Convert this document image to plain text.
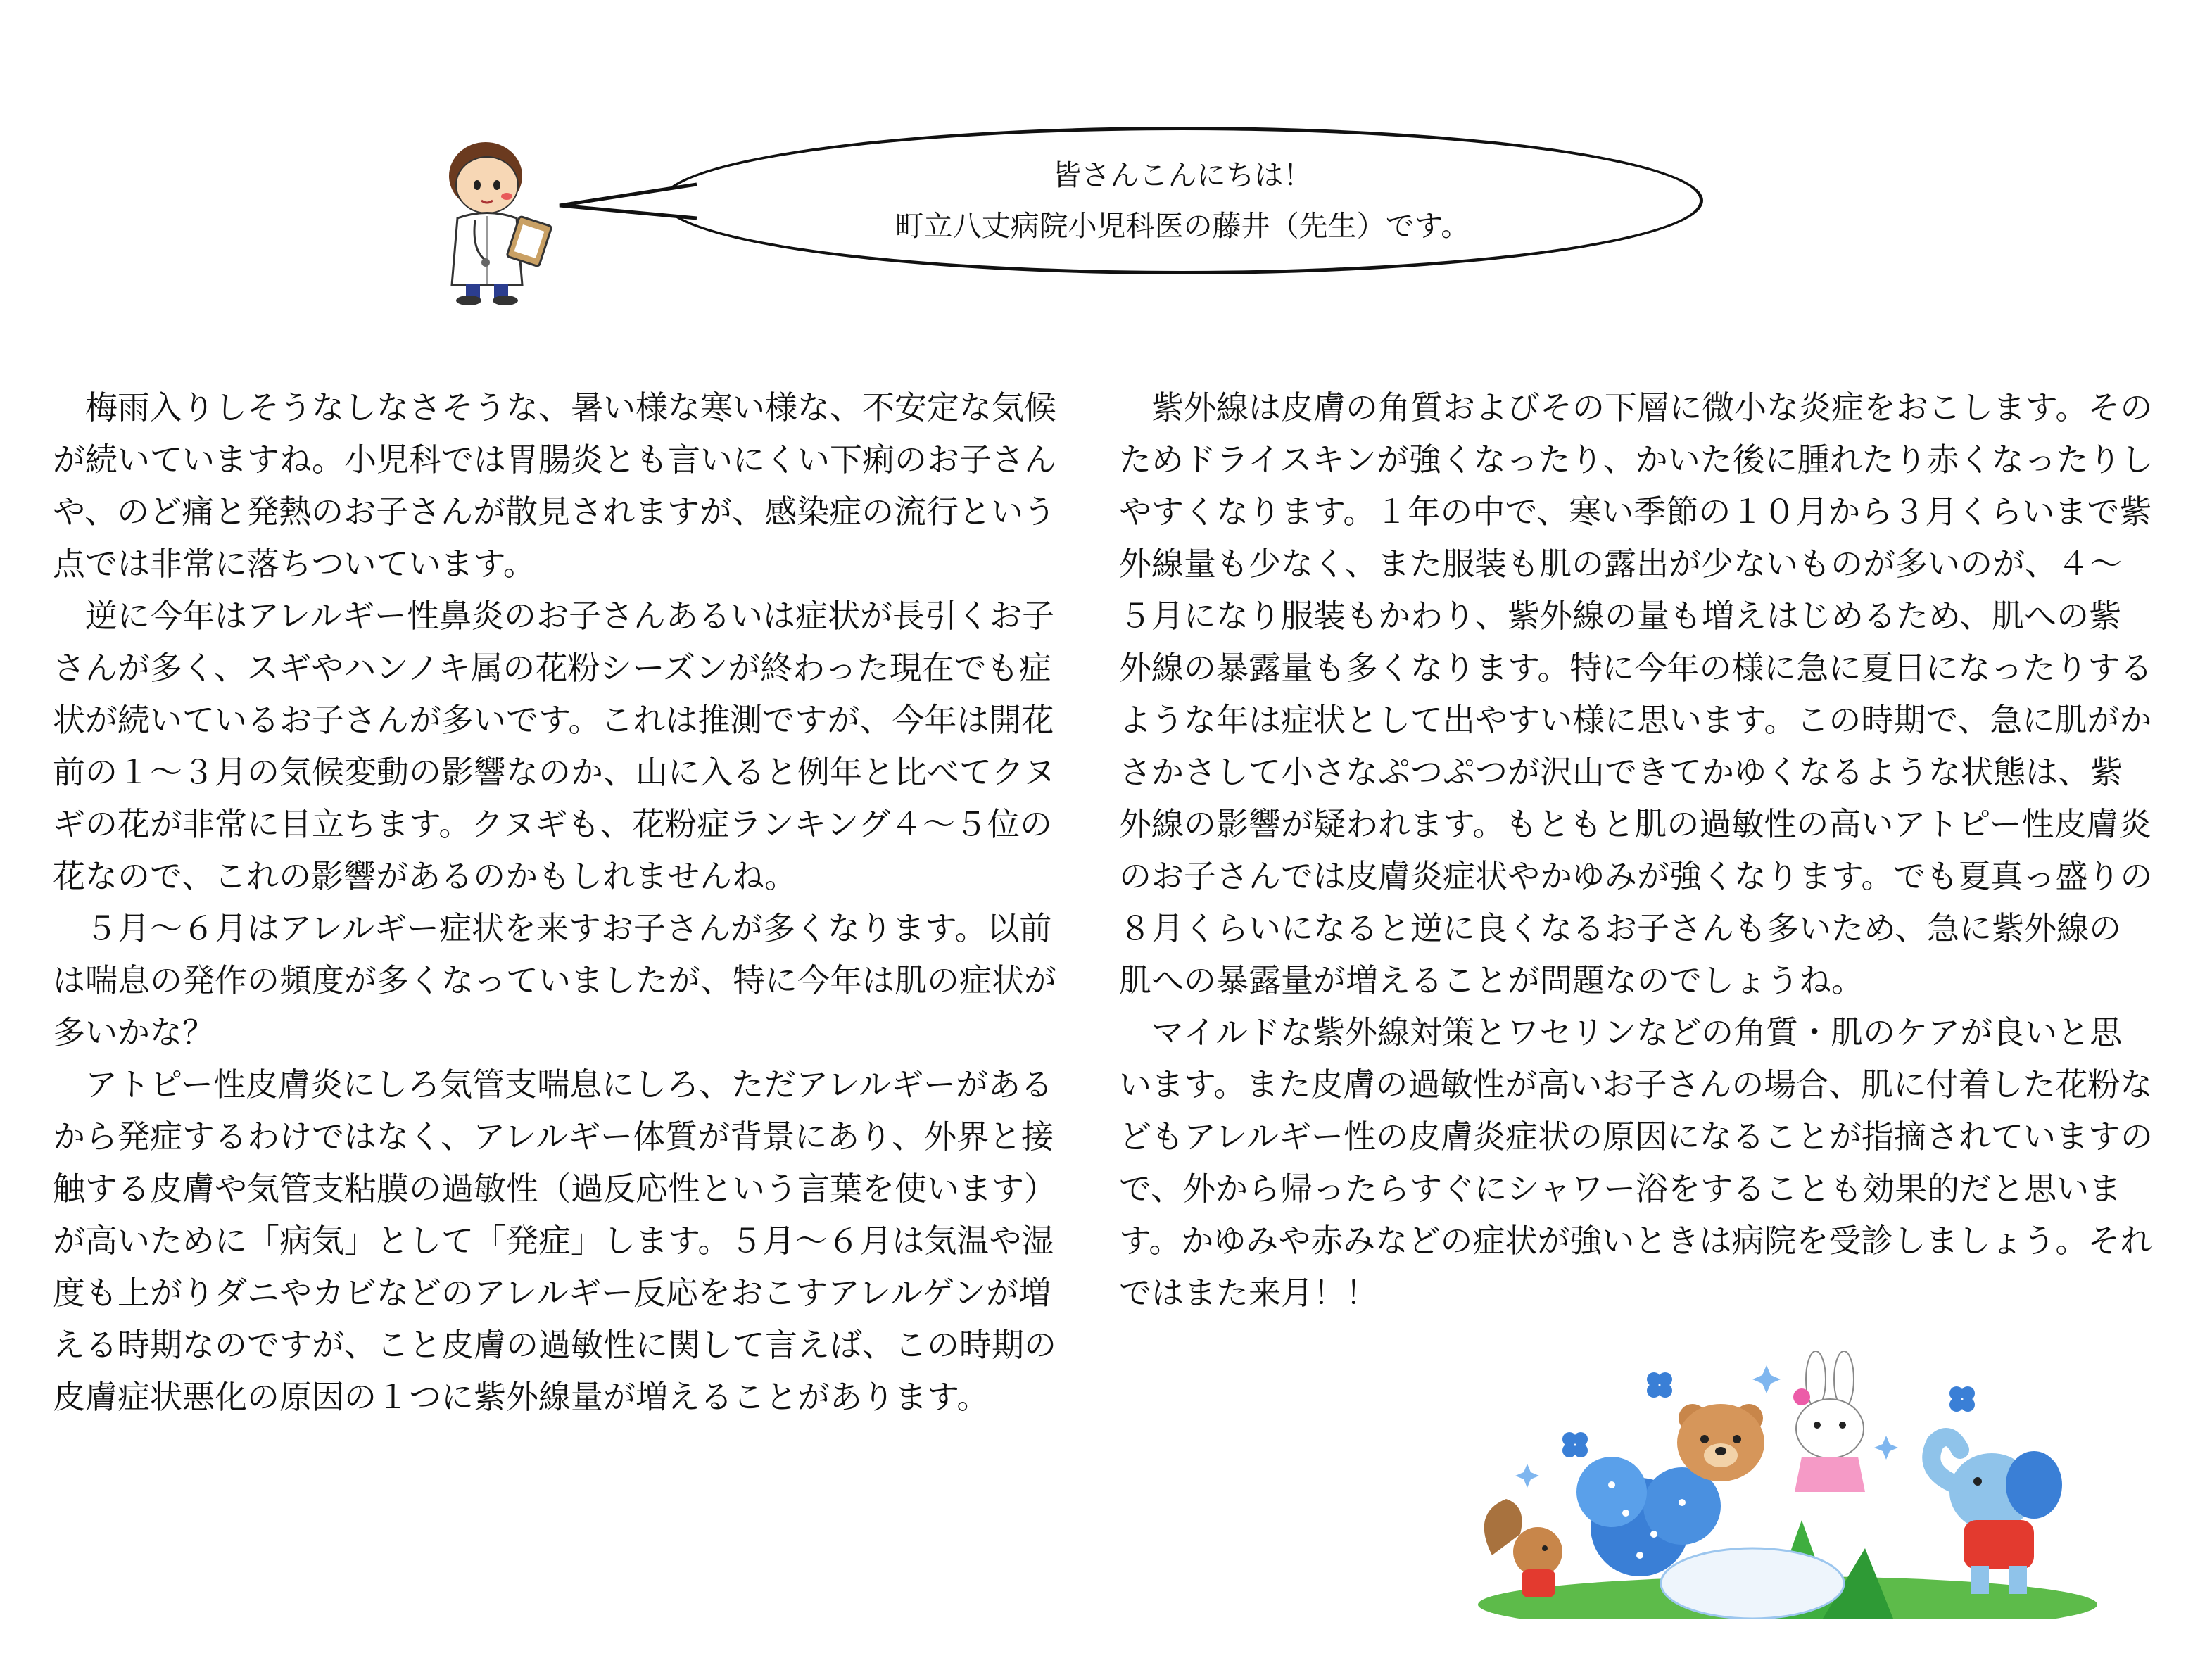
皆さんこんにちは！
町立八丈病院小児科医の藤井（先生）です。

梅雨入りしそうなしなさそうな、暑い様な寒い様な、不安定な気候が続いていますね。小児科では胃腸炎とも言いにくい下痢のお子さんや、のど痛と発熱のお子さんが散見されますが、感染症の流行という点では非常に落ちついています。

逆に今年はアレルギー性鼻炎のお子さんあるいは症状が長引くお子さんが多く、スギやハンノキ属の花粉シーズンが終わった現在でも症状が続いているお子さんが多いです。これは推測ですが、今年は開花前の１～３月の気候変動の影響なのか、山に入ると例年と比べてクヌギの花が非常に目立ちます。クヌギも、花粉症ランキング４～５位の花なので、これの影響があるのかもしれませんね。

５月～６月はアレルギー症状を来すお子さんが多くなります。以前は喘息の発作の頻度が多くなっていましたが、特に今年は肌の症状が多いかな？

アトピー性皮膚炎にしろ気管支喘息にしろ、ただアレルギーがあるから発症するわけではなく、アレルギー体質が背景にあり、外界と接触する皮膚や気管支粘膜の過敏性（過反応性という言葉を使います）が高いために「病気」として「発症」します。５月～６月は気温や湿度も上がりダニやカビなどのアレルギー反応をおこすアレルゲンが増える時期なのですが、こと皮膚の過敏性に関して言えば、この時期の皮膚症状悪化の原因の１つに紫外線量が増えることがあります。

紫外線は皮膚の角質およびその下層に微小な炎症をおこします。そのためドライスキンが強くなったり、かいた後に腫れたり赤くなったりしやすくなります。１年の中で、寒い季節の１０月から３月くらいまで紫外線量も少なく、また服装も肌の露出が少ないものが多いのが、４～５月になり服装もかわり、紫外線の量も増えはじめるため、肌への紫外線の暴露量も多くなります。特に今年の様に急に夏日になったりするような年は症状として出やすい様に思います。この時期で、急に肌がかさかさして小さなぷつぷつが沢山できてかゆくなるような状態は、紫外線の影響が疑われます。もともと肌の過敏性の高いアトピー性皮膚炎のお子さんでは皮膚炎症状やかゆみが強くなります。でも夏真っ盛りの８月くらいになると逆に良くなるお子さんも多いため、急に紫外線の肌への暴露量が増えることが問題なのでしょうね。

マイルドな紫外線対策とワセリンなどの角質・肌のケアが良いと思います。また皮膚の過敏性が高いお子さんの場合、肌に付着した花粉などもアレルギー性の皮膚炎症状の原因になることが指摘されていますので、外から帰ったらすぐにシャワー浴をすることも効果的だと思います。かゆみや赤みなどの症状が強いときは病院を受診しましょう。それではまた来月！！
